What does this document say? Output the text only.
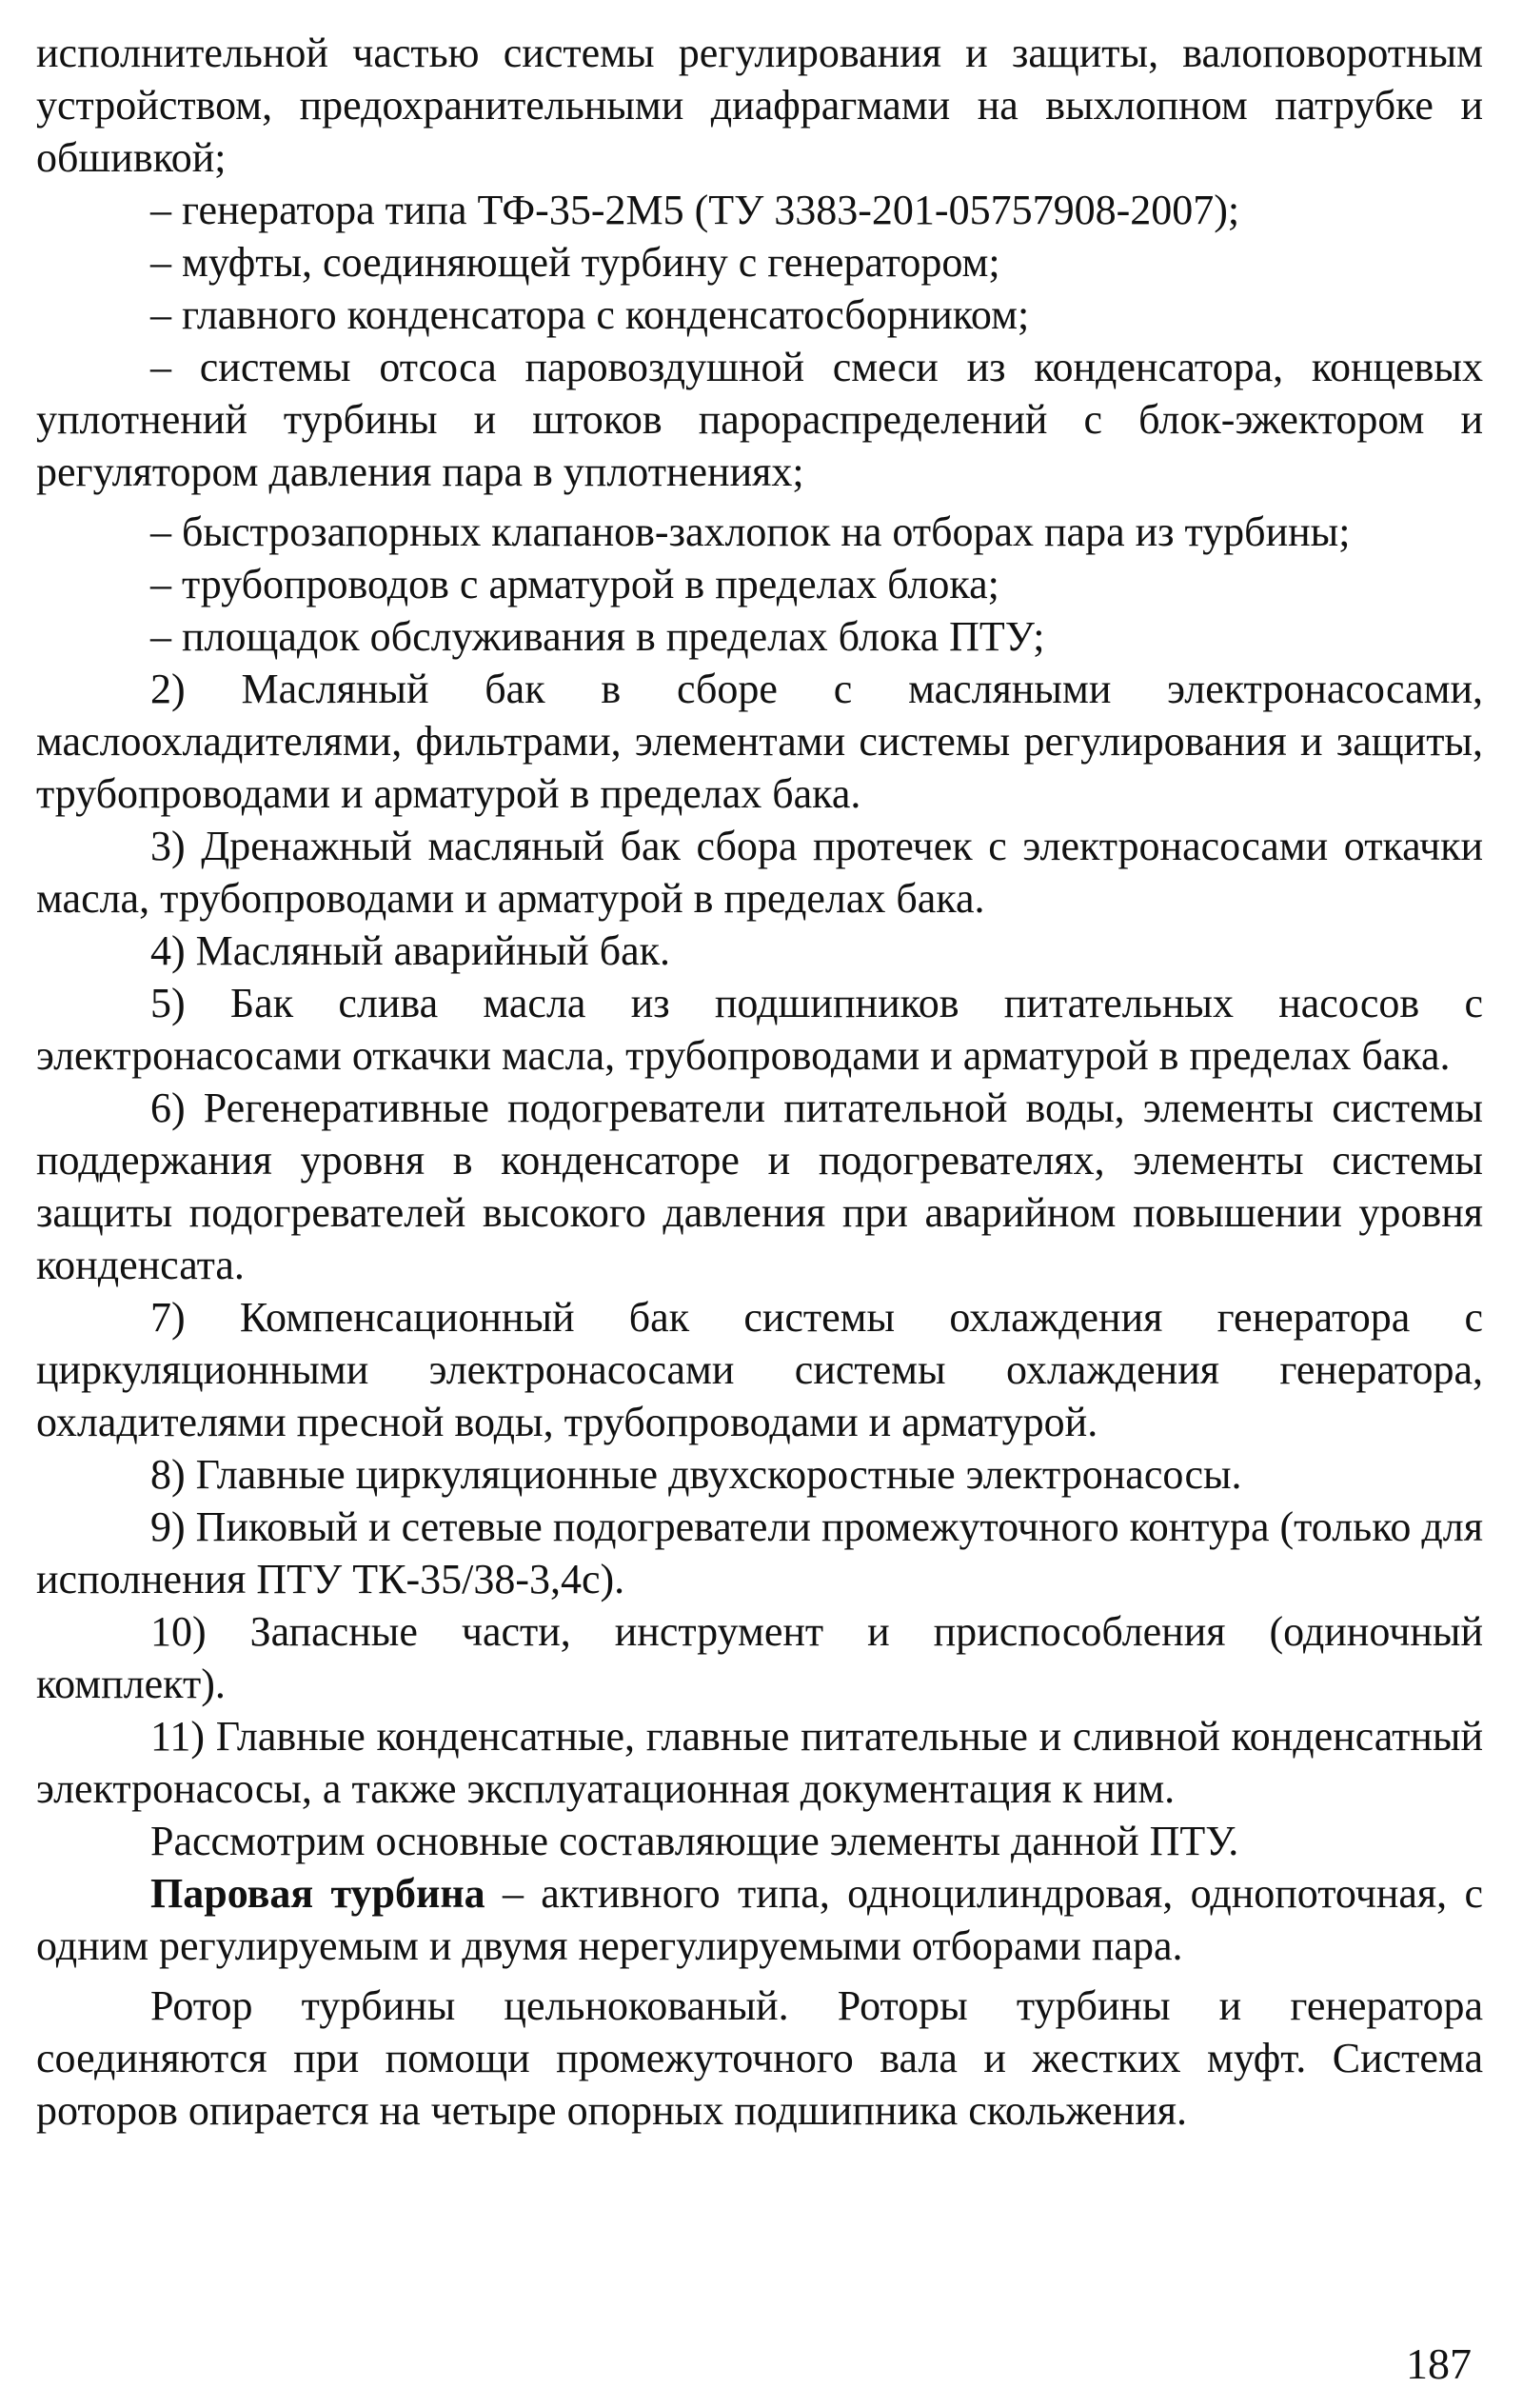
исполнительной частью системы регулирования и защиты, валоповоротным устройством, предохранительными диафрагмами на выхлопном патрубке и обшивкой;

– генератора типа ТФ-35-2М5 (ТУ 3383-201-05757908-2007);

– муфты, соединяющей турбину с генератором;

– главного конденсатора с конденсатосборником;

– системы отсоса паровоздушной смеси из конденсатора, концевых уплотнений турбины и штоков парораспределений с блок-эжектором и регулятором давления пара в уплотнениях;

– быстрозапорных клапанов-захлопок на отборах пара из турбины;

– трубопроводов с арматурой в пределах блока;

– площадок обслуживания в пределах блока ПТУ;

2) Масляный бак в сборе с масляными электронасосами, маслоохладителями, фильтрами, элементами системы регулирования и защиты, трубопроводами и арматурой в пределах бака.

3) Дренажный масляный бак сбора протечек с электронасосами откачки масла, трубопроводами и арматурой в пределах бака.

4) Масляный аварийный бак.

5) Бак слива масла из подшипников питательных насосов с электронасосами откачки масла, трубопроводами и арматурой в пределах бака.

6) Регенеративные подогреватели питательной воды, элементы системы поддержания уровня в конденсаторе и подогревателях, элементы системы защиты подогревателей высокого давления при аварийном повышении уровня конденсата.

7) Компенсационный бак системы охлаждения генератора с циркуляционными электронасосами системы охлаждения генератора, охладителями пресной воды, трубопроводами и арматурой.

8) Главные циркуляционные двухскоростные электронасосы.

9) Пиковый и сетевые подогреватели промежуточного контура (только для исполнения ПТУ ТК-35/38-3,4с).

10) Запасные части, инструмент и приспособления (одиночный комплект).

11) Главные конденсатные, главные питательные и сливной конденсатный электронасосы, а также эксплуатационная документация к ним.

Рассмотрим основные составляющие элементы данной ПТУ.

Паровая турбина – активного типа, одноцилиндровая, однопоточная, с одним регулируемым и двумя нерегулируемыми отборами пара.

Ротор турбины цельнокованый. Роторы турбины и генератора соединяются при помощи промежуточного вала и жестких муфт. Система роторов опирается на четыре опорных подшипника скольжения.

187
